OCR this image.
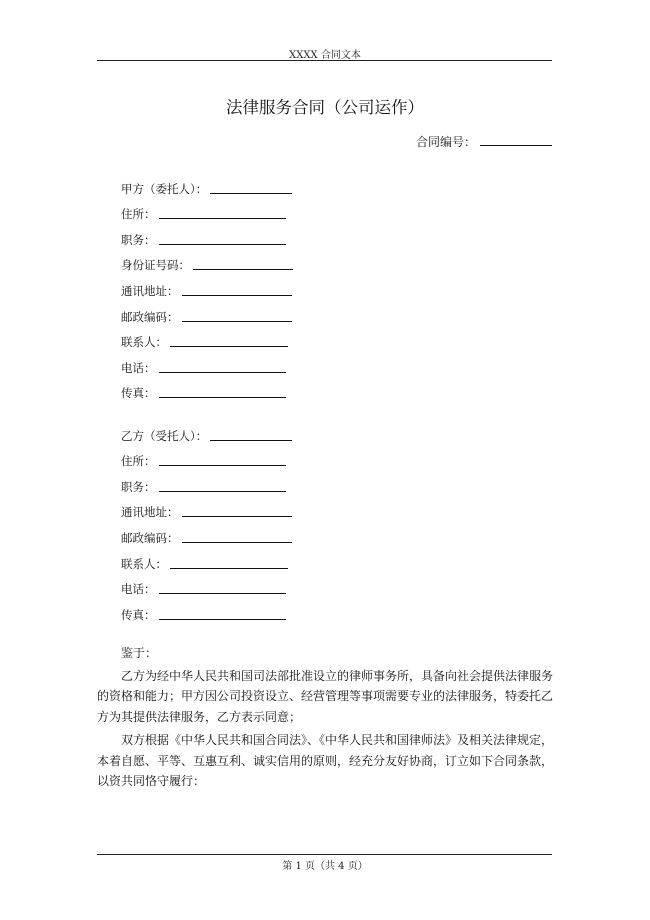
XXXX 合同文本
法律服务合同（公司运作）
合同编号：
甲方（委托人）：
住所：
职务：
身份证号码：
通讯地址：
邮政编码：
联系人：
电话：
传真：
乙方（受托人）：
住所：
职务：
通讯地址：
邮政编码：
联系人：
电话：
传真：

鉴于：

乙方为经中华人民共和国司法部批准设立的律师事务所，具备向社会提供法律服务的资格和能力；甲方因公司投资设立、经营管理等事项需要专业的法律服务，特委托乙方为其提供法律服务，乙方表示同意；

双方根据《中华人民共和国合同法》、《中华人民共和国律师法》及相关法律规定，本着自愿、平等、互惠互利、诚实信用的原则，经充分友好协商，订立如下合同条款，以资共同恪守履行：

第 1 页（共 4 页）
